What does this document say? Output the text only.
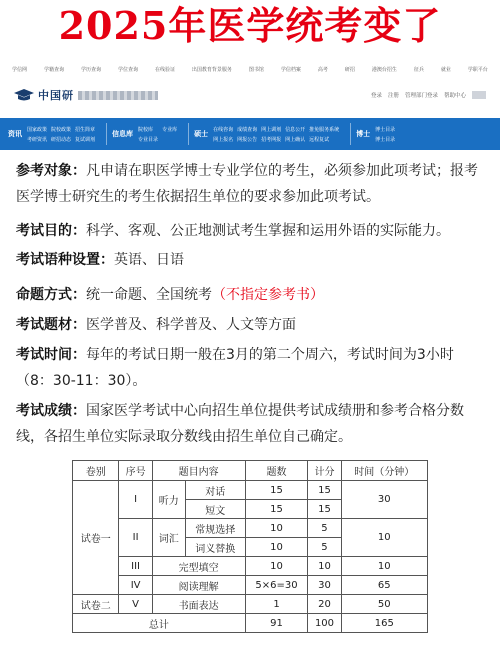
2025年医学统考变了
学信网	学籍查询	学历查询	学位查询	在线验证	出国教育背景服务	图书馆	学信档案	高考	研招	港澳台招生	征兵	就业	学职平台
中国研	登录 注册 管理部门登录 帮助中心
资讯
国家政策 院校政策 招生简章
考研资讯 研招动态 复试调剂
信息库
院校库	专业库
专业目录
硕士
在线咨询 成绩查询 网上调剂 信息公开 推免服务系统
网上报名 网报公告 招考网报 网上确认 远程复试
博士
博士目录
博士目录

参考对象：凡申请在职医学博士专业学位的考生，必须参加此项考试；报考医学博士研究生的考生依据招生单位的要求参加此项考试。

考试目的：科学、客观、公正地测试考生掌握和运用外语的实际能力。

考试语种设置：英语、日语

命题方式：统一命题、全国统考（不指定参考书）

考试题材：医学普及、科学普及、人文等方面

考试时间：每年的考试日期一般在3月的第二个周六，考试时间为3小时（8：30-11：30）。

考试成绩：国家医学考试中心向招生单位提供考试成绩册和参考合格分数线，各招生单位实际录取分数线由招生单位自己确定。

卷别	序号	题目内容		题数	计分	时间（分钟）
试卷一	I	听力	对话	15	15	30
			短文	15	15	
	II	词汇	常规选择	10	5	10
			词义替换	10	5	
	III	完型填空		10	10	10
	IV	阅读理解		5×6=30	30	65
试卷二	V	书面表达		1	20	50
总计				91	100	165
